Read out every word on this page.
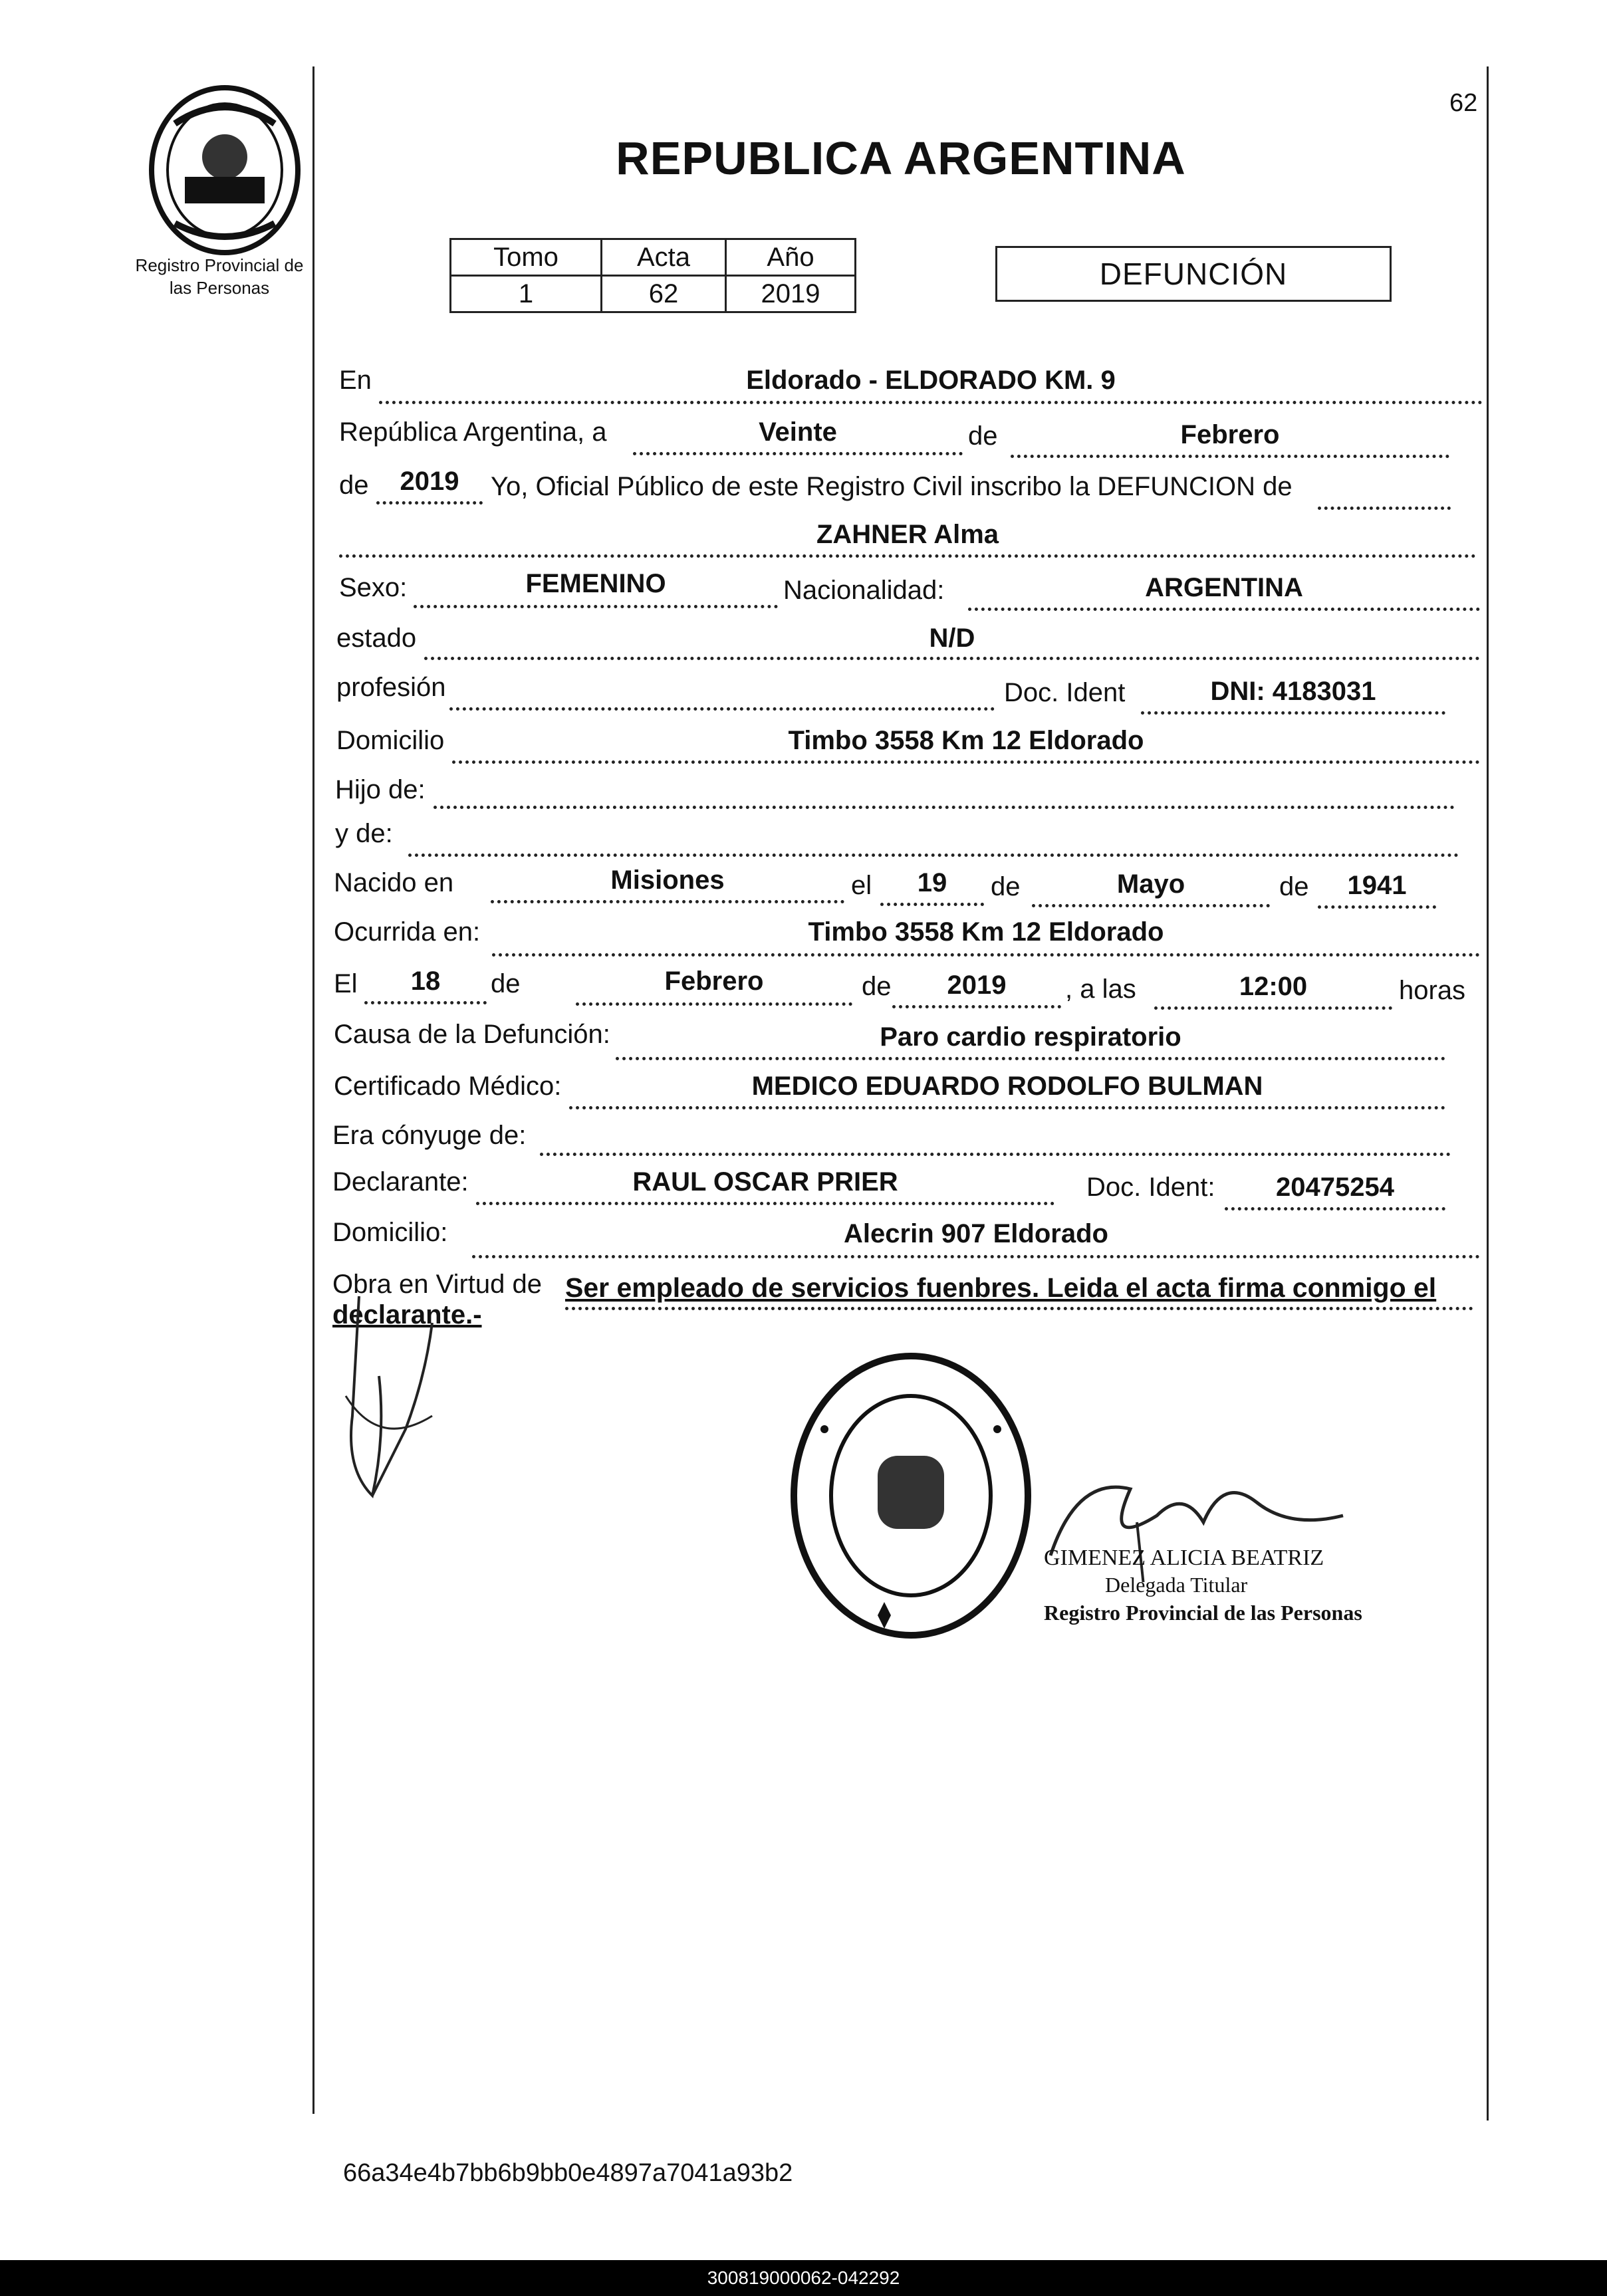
62
Registro Provincial de
las Personas
REPUBLICA ARGENTINA
Tomo	Acta	Año
1	62	2019
DEFUNCIÓN
En	Eldorado - ELDORADO KM. 9
República Argentina, a	Veinte	de	Febrero
de	2019	Yo, Oficial Público de este Registro Civil inscribo la DEFUNCION de
ZAHNER Alma
Sexo:	FEMENINO	Nacionalidad:	ARGENTINA
estado	N/D
profesión	Doc. Ident	DNI: 4183031
Domicilio	Timbo 3558 Km 12 Eldorado
Hijo de:
y de:
Nacido en	Misiones	el	19	de	Mayo	de	1941
Ocurrida en:	Timbo 3558 Km 12 Eldorado
El	18	de	Febrero	de	2019	, a las	12:00	horas
Causa de la Defunción:	Paro cardio respiratorio
Certificado Médico:	MEDICO EDUARDO RODOLFO BULMAN
Era cónyuge de:
Declarante:	RAUL OSCAR PRIER	Doc. Ident:	20475254
Domicilio:	Alecrin 907 Eldorado
Obra en Virtud de Ser empleado de servicios fuenbres. Leida el acta firma conmigo el
declarante.-
GIMENEZ ALICIA BEATRIZ
Delegada Titular
Registro Provincial de las Personas
66a34e4b7bb6b9bb0e4897a7041a93b2
300819000062-042292
